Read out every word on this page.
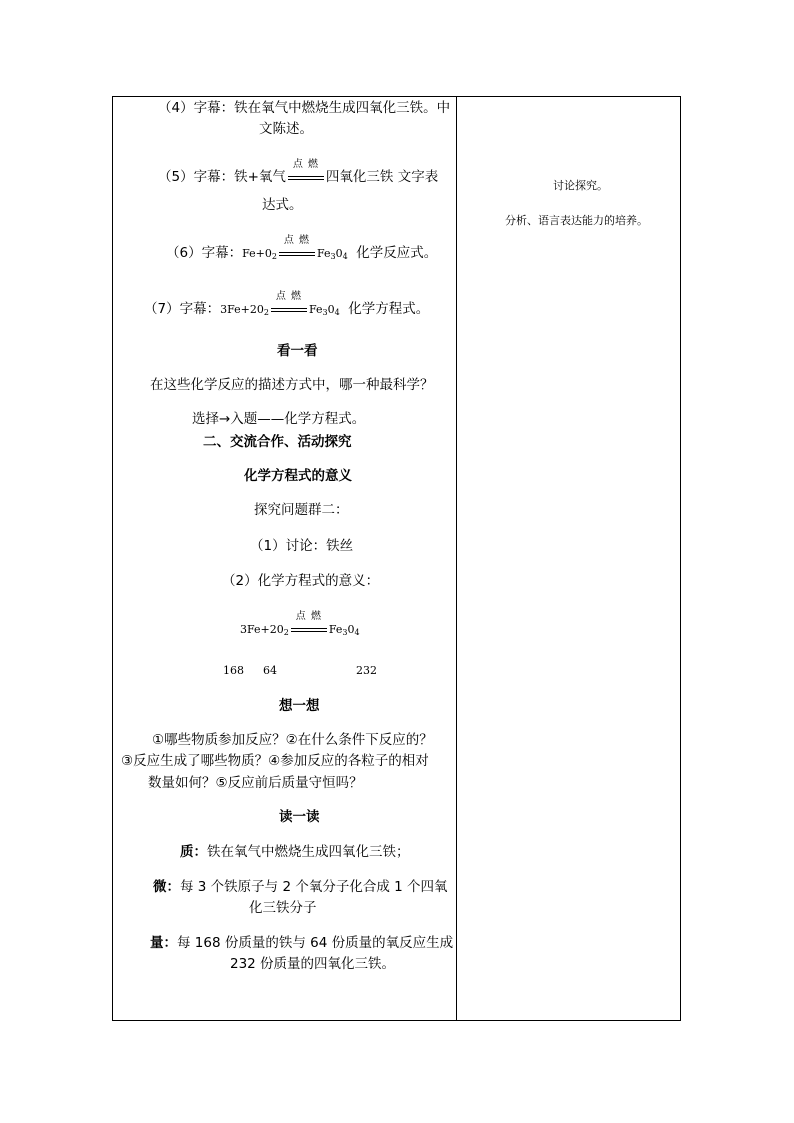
（4）字幕：铁在氧气中燃烧生成四氧化三铁。中
文陈述。
（5）字幕：铁+氧气
点 燃
四氧化三铁 文字表
达式。
（6）字幕：$Fe+0_2$
点 燃
$Fe_30_4$ 化学反应式。
（7）字幕：$3Fe+20_2$
点 燃
$Fe_30_4$ 化学方程式。
看一看
在这些化学反应的描述方式中，哪一种最科学？
选择→入题——化学方程式。
二、交流合作、活动探究
化学方程式的意义
探究问题群二：
（1）讨论：铁丝
（2）化学方程式的意义：
$3Fe+20_2$
点 燃
$Fe_30_4$
168 64	232
想一想
①哪些物质参加反应？②在什么条件下反应的？
③反应生成了哪些物质？④参加反应的各粒子的相对
数量如何？⑤反应前后质量守恒吗？
读一读
质：铁在氧气中燃烧生成四氧化三铁；
微：每 3 个铁原子与 2 个氧分子化合成 1 个四氧
化三铁分子
量：每 168 份质量的铁与 64 份质量的氧反应生成
232 份质量的四氧化三铁。
讨论探究。
分析、语言表达能力的培养。
